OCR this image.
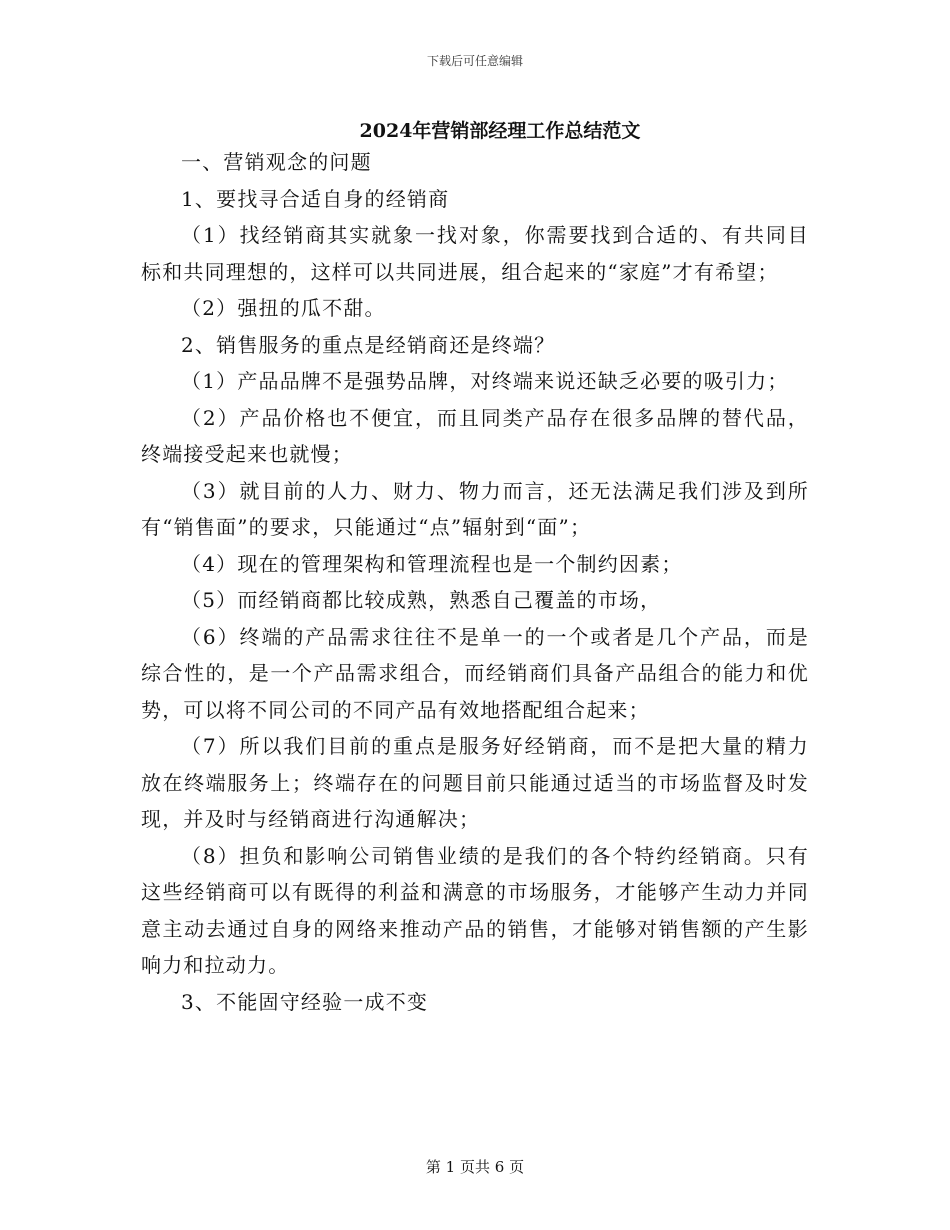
下载后可任意编辑
2024年营销部经理工作总结范文

一、营销观念的问题

1、要找寻合适自身的经销商

（1）找经销商其实就象一找对象，你需要找到合适的、有共同目标和共同理想的，这样可以共同进展，组合起来的“家庭”才有希望；

（2）强扭的瓜不甜。

2、销售服务的重点是经销商还是终端？

（1）产品品牌不是强势品牌，对终端来说还缺乏必要的吸引力；

（2）产品价格也不便宜，而且同类产品存在很多品牌的替代品，终端接受起来也就慢；

（3）就目前的人力、财力、物力而言，还无法满足我们涉及到所有“销售面”的要求，只能通过“点”辐射到“面”；

（4）现在的管理架构和管理流程也是一个制约因素；

（5）而经销商都比较成熟，熟悉自己覆盖的市场，

（6）终端的产品需求往往不是单一的一个或者是几个产品，而是综合性的，是一个产品需求组合，而经销商们具备产品组合的能力和优势，可以将不同公司的不同产品有效地搭配组合起来；

（7）所以我们目前的重点是服务好经销商，而不是把大量的精力放在终端服务上；终端存在的问题目前只能通过适当的市场监督及时发现，并及时与经销商进行沟通解决；

（8）担负和影响公司销售业绩的是我们的各个特约经销商。只有这些经销商可以有既得的利益和满意的市场服务，才能够产生动力并同意主动去通过自身的网络来推动产品的销售，才能够对销售额的产生影响力和拉动力。

3、不能固守经验一成不变

第 1 页共 6 页
